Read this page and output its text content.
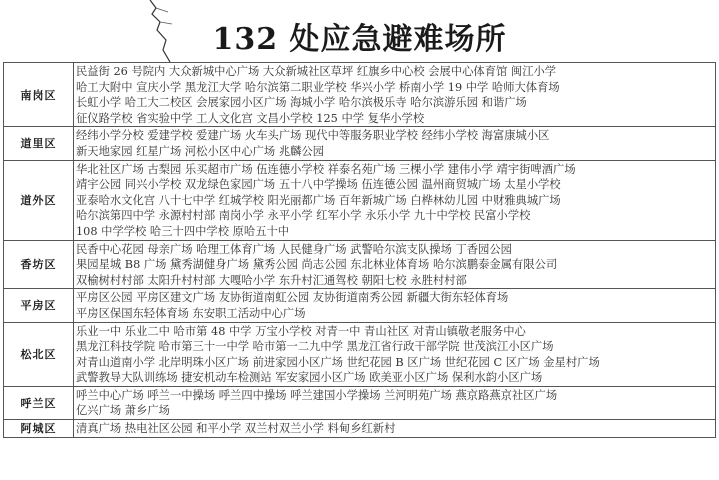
132 处应急避难场所
南岗区	民益街 26 号院内 大众新城中心广场 大众新城社区草坪 红旗乡中心校 会展中心体育馆 闽江小学
哈工大附中 宣庆小学 黑龙江大学 哈尔滨第二职业学校 华兴小学 桥南小学 19 中学 哈师大体育场
长虹小学 哈工大二校区 会展家园小区广场 海城小学 哈尔滨极乐寺 哈尔滨游乐园 和谐广场
征仪路学校 省实验中学 工人文化宫 文昌小学校 125 中学 复华小学校

道里区	经纬小学分校 爱建学校 爱建广场 火车头广场 现代中等服务职业学校 经纬小学校 海富康城小区
新天地家园 红星广场 河松小区中心广场 兆麟公园

道外区	华北社区广场 古梨园 乐买超市广场 伍连德小学校 祥泰名苑广场 三棵小学 建伟小学 靖宇街啤酒广场
靖宇公园 同兴小学校 双龙绿色家园广场 五十八中学操场 伍连德公园 温州商贸城广场 太星小学校
亚泰哈水文化宫 八十七中学 红城学校 阳光丽都广场 百年新城广场 白桦林幼儿园 中财雅典城广场
哈尔滨第四中学 永源村村部 南岗小学 永平小学 红军小学 永乐小学 九十中学校 民富小学校
108 中学学校 哈三十四中学校 原哈五十中

香坊区	民香中心花园 母亲广场 哈理工体育广场 人民健身广场 武警哈尔滨支队操场 丁香园公园
果园星城 B8 广场 黛秀湖健身广场 黛秀公园 尚志公园 东北林业体育场 哈尔滨鹏泰金属有限公司
双榆树村村部 太阳升村村部 大嘎哈小学 东升村汇通驾校 朝阳七校 永胜村村部

平房区	平房区公园 平房区建文广场 友协街道南虹公园 友协街道南秀公园 新疆大街东轻体育场
平房区保国东轻体育场 东安职工活动中心广场

松北区	乐业一中 乐业二中 哈市第 48 中学 万宝小学校 对青一中 青山社区 对青山镇敬老服务中心
黑龙江科技学院 哈市第三十一中学 哈市第一二九中学 黑龙江省行政干部学院 世茂滨江小区广场
对青山道南小学 北岸明珠小区广场 前进家园小区广场 世纪花园 B 区广场 世纪花园 C 区广场 金星村广场
武警教导大队训练场 捷安机动车检测站 军安家园小区广场 欧美亚小区广场 保利水韵小区广场

呼兰区	呼兰中心广场 呼兰一中操场 呼兰四中操场 呼兰建国小学操场 兰河明苑广场 燕京路燕京社区广场
亿兴广场 萧乡广场

阿城区	清真广场 热电社区公园 和平小学 双兰村双兰小学 料甸乡红新村
